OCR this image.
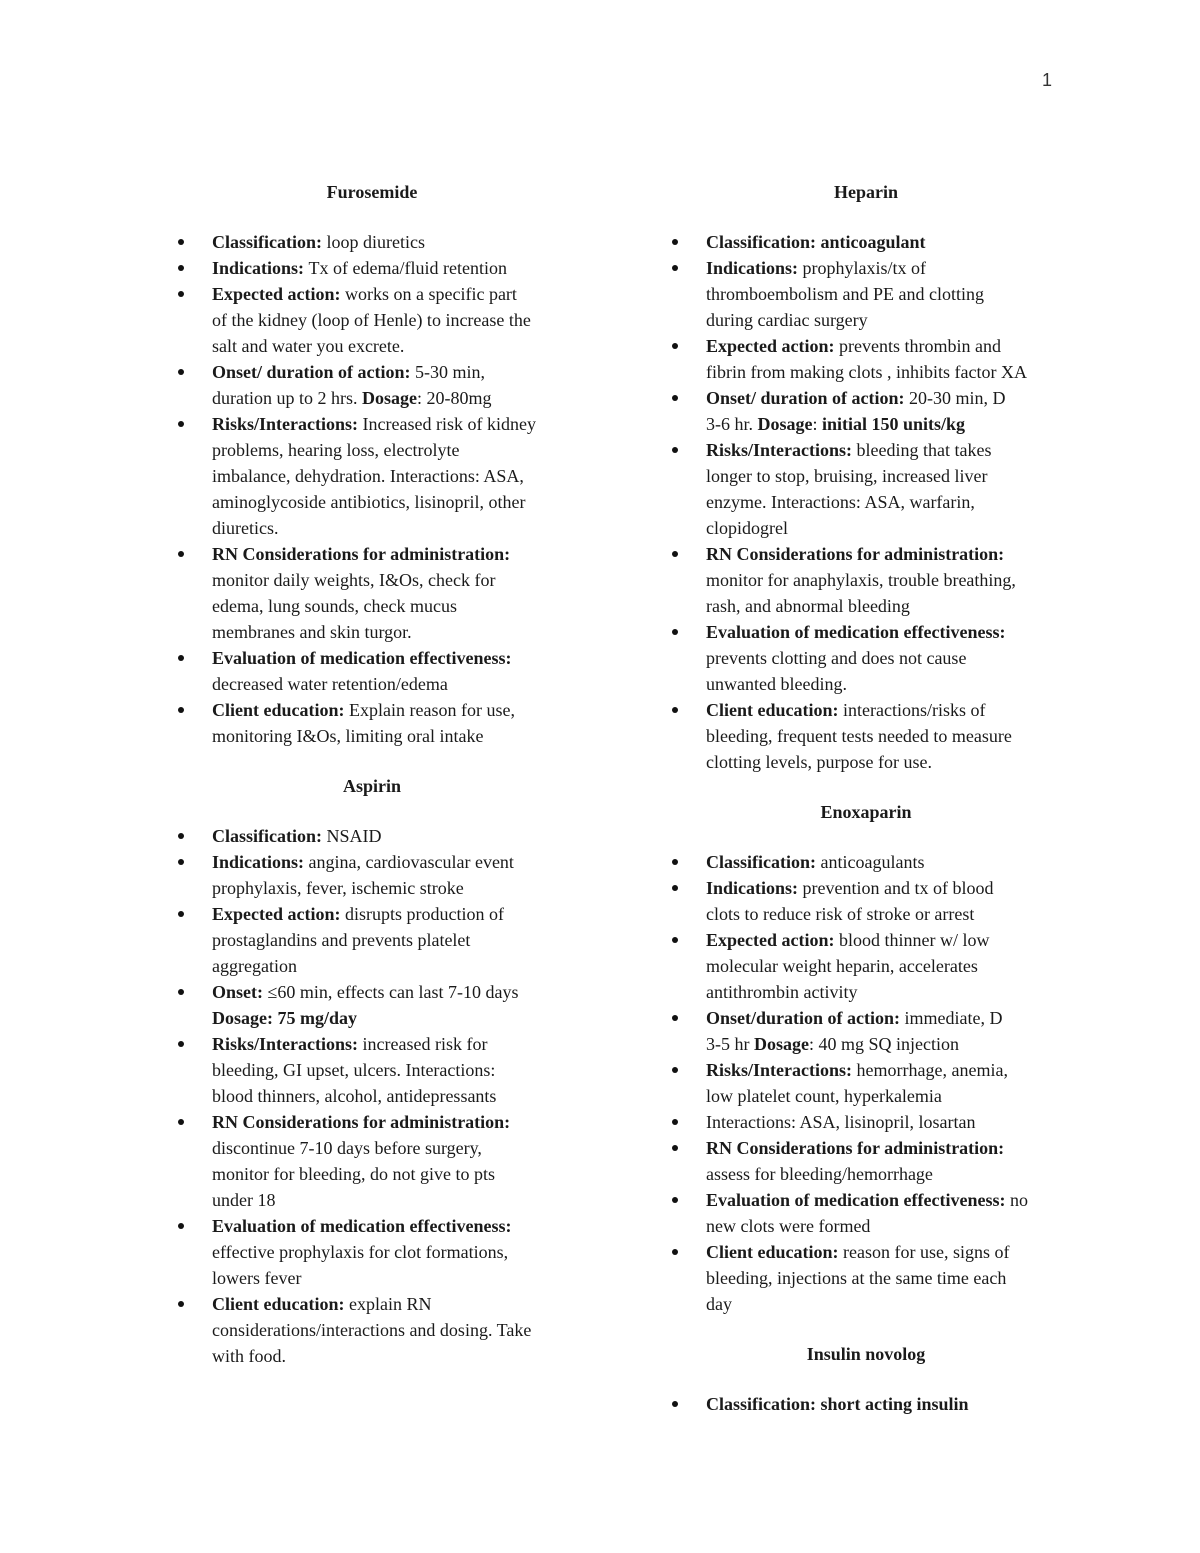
1
Furosemide
Classification: loop diuretics
Indications: Tx of edema/fluid retention
Expected action: works on a specific part
of the kidney (loop of Henle) to increase the
salt and water you excrete.
Onset/ duration of action: 5-30 min,
duration up to 2 hrs. Dosage: 20-80mg
Risks/Interactions: Increased risk of kidney
problems, hearing loss, electrolyte
imbalance, dehydration. Interactions: ASA,
aminoglycoside antibiotics, lisinopril, other
diuretics.
RN Considerations for administration:
monitor daily weights, I&Os, check for
edema, lung sounds, check mucus
membranes and skin turgor.
Evaluation of medication effectiveness:
decreased water retention/edema
Client education: Explain reason for use,
monitoring I&Os, limiting oral intake
Aspirin
Classification: NSAID
Indications: angina, cardiovascular event
prophylaxis, fever, ischemic stroke
Expected action: disrupts production of
prostaglandins and prevents platelet
aggregation
Onset: ≤60 min, effects can last 7-10 days
Dosage: 75 mg/day
Risks/Interactions: increased risk for
bleeding, GI upset, ulcers. Interactions:
blood thinners, alcohol, antidepressants
RN Considerations for administration:
discontinue 7-10 days before surgery,
monitor for bleeding, do not give to pts
under 18
Evaluation of medication effectiveness:
effective prophylaxis for clot formations,
lowers fever
Client education: explain RN
considerations/interactions and dosing. Take
with food.
Heparin
Classification: anticoagulant
Indications: prophylaxis/tx of
thromboembolism and PE and clotting
during cardiac surgery
Expected action: prevents thrombin and
fibrin from making clots , inhibits factor XA
Onset/ duration of action: 20-30 min, D
3-6 hr. Dosage: initial 150 units/kg
Risks/Interactions: bleeding that takes
longer to stop, bruising, increased liver
enzyme. Interactions: ASA, warfarin,
clopidogrel
RN Considerations for administration:
monitor for anaphylaxis, trouble breathing,
rash, and abnormal bleeding
Evaluation of medication effectiveness:
prevents clotting and does not cause
unwanted bleeding.
Client education: interactions/risks of
bleeding, frequent tests needed to measure
clotting levels, purpose for use.
Enoxaparin
Classification: anticoagulants
Indications: prevention and tx of blood
clots to reduce risk of stroke or arrest
Expected action: blood thinner w/ low
molecular weight heparin, accelerates
antithrombin activity
Onset/duration of action: immediate, D
3-5 hr Dosage: 40 mg SQ injection
Risks/Interactions: hemorrhage, anemia,
low platelet count, hyperkalemia
Interactions: ASA, lisinopril, losartan
RN Considerations for administration:
assess for bleeding/hemorrhage
Evaluation of medication effectiveness: no
new clots were formed
Client education: reason for use, signs of
bleeding, injections at the same time each
day
Insulin novolog
Classification: short acting insulin
